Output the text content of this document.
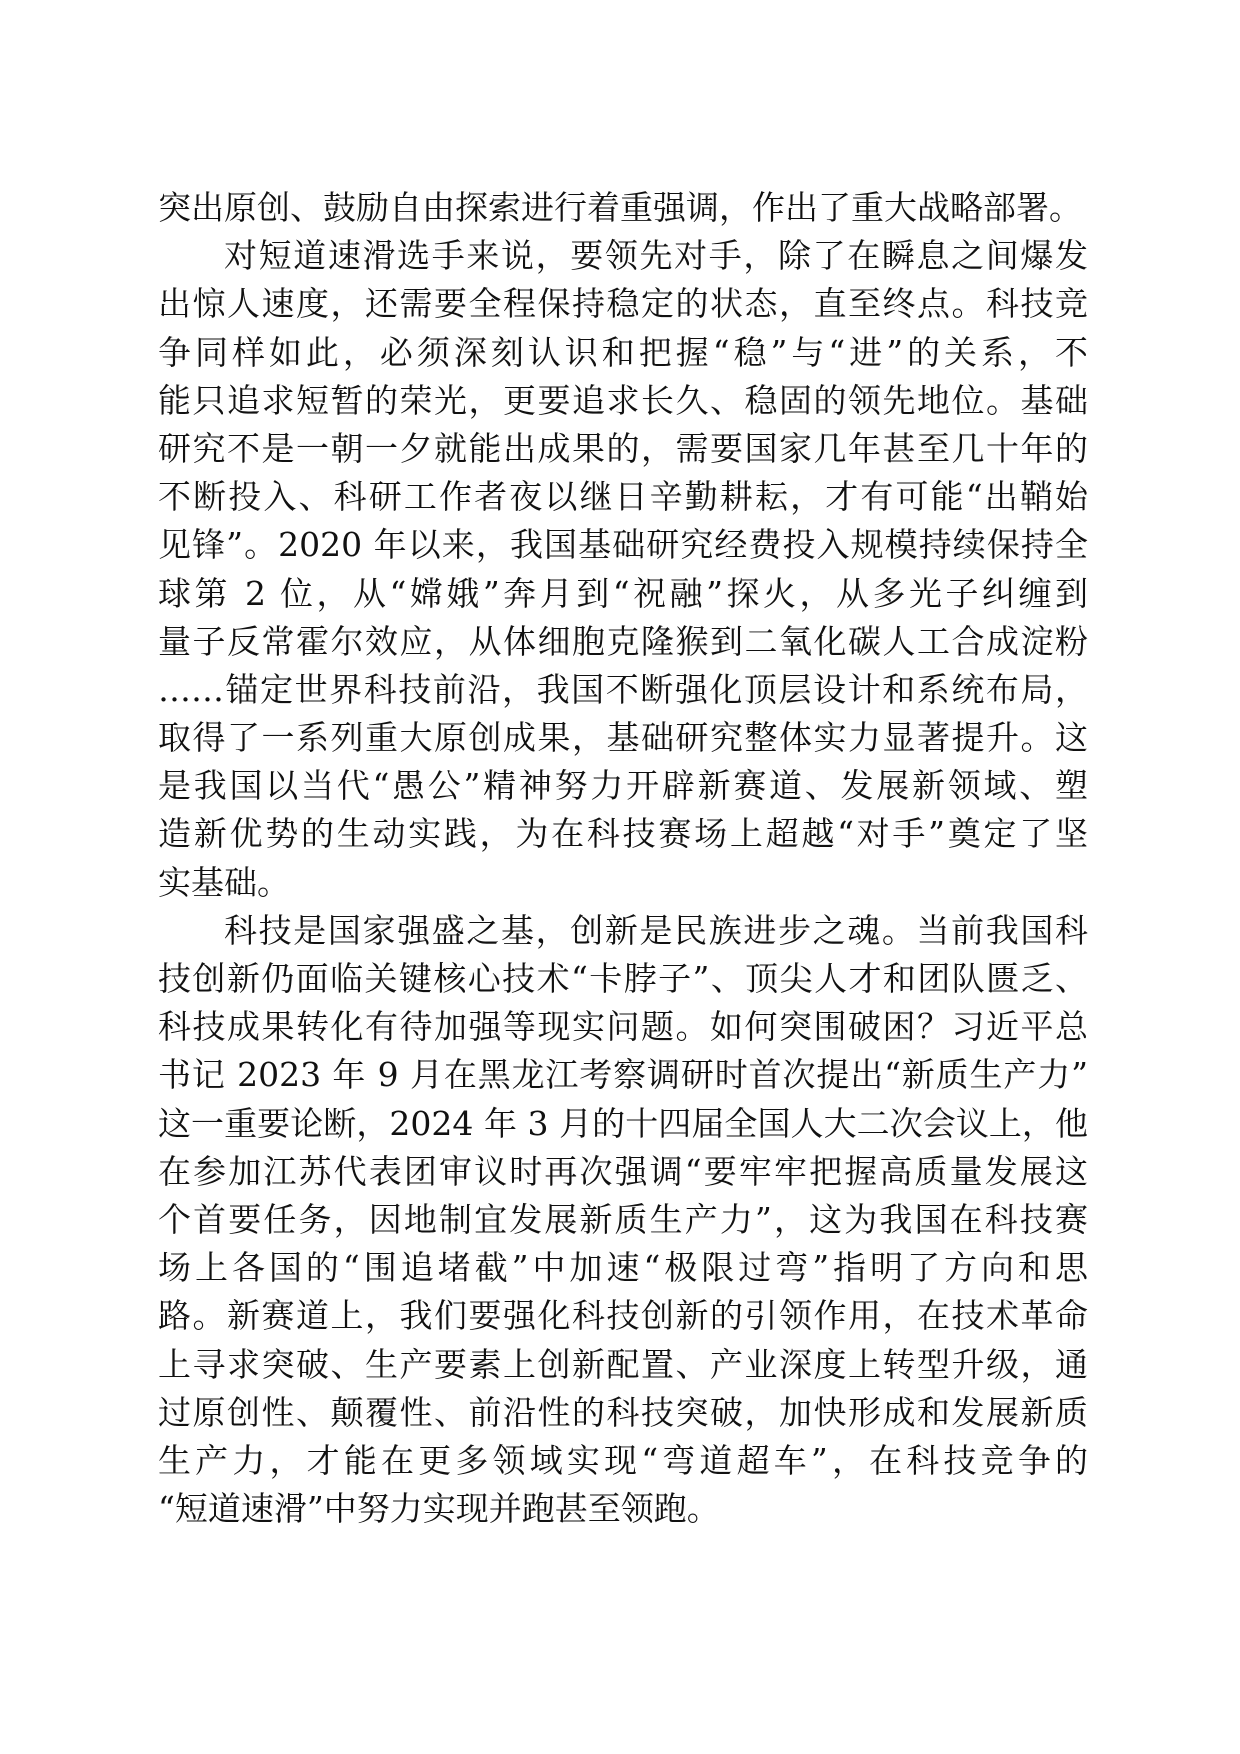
突出原创、鼓励自由探索进行着重强调，作出了重大战略部署。
对短道速滑选手来说，要领先对手，除了在瞬息之间爆发
出惊人速度，还需要全程保持稳定的状态，直至终点。科技竞
争同样如此，必须深刻认识和把握“稳”与“进”的关系，不
能只追求短暂的荣光，更要追求长久、稳固的领先地位。基础
研究不是一朝一夕就能出成果的，需要国家几年甚至几十年的
不断投入、科研工作者夜以继日辛勤耕耘，才有可能“出鞘始
见锋”。2020 年以来，我国基础研究经费投入规模持续保持全
球第 2 位，从“嫦娥”奔月到“祝融”探火，从多光子纠缠到
量子反常霍尔效应，从体细胞克隆猴到二氧化碳人工合成淀粉
……锚定世界科技前沿，我国不断强化顶层设计和系统布局，
取得了一系列重大原创成果，基础研究整体实力显著提升。这
是我国以当代“愚公”精神努力开辟新赛道、发展新领域、塑
造新优势的生动实践，为在科技赛场上超越“对手”奠定了坚
实基础。
科技是国家强盛之基，创新是民族进步之魂。当前我国科
技创新仍面临关键核心技术“卡脖子”、顶尖人才和团队匮乏、
科技成果转化有待加强等现实问题。如何突围破困？习近平总
书记 2023 年 9 月在黑龙江考察调研时首次提出“新质生产力”
这一重要论断，2024 年 3 月的十四届全国人大二次会议上，他
在参加江苏代表团审议时再次强调“要牢牢把握高质量发展这
个首要任务，因地制宜发展新质生产力”，这为我国在科技赛
场上各国的“围追堵截”中加速“极限过弯”指明了方向和思
路。新赛道上，我们要强化科技创新的引领作用，在技术革命
上寻求突破、生产要素上创新配置、产业深度上转型升级，通
过原创性、颠覆性、前沿性的科技突破，加快形成和发展新质
生产力，才能在更多领域实现“弯道超车”，在科技竞争的
“短道速滑”中努力实现并跑甚至领跑。
